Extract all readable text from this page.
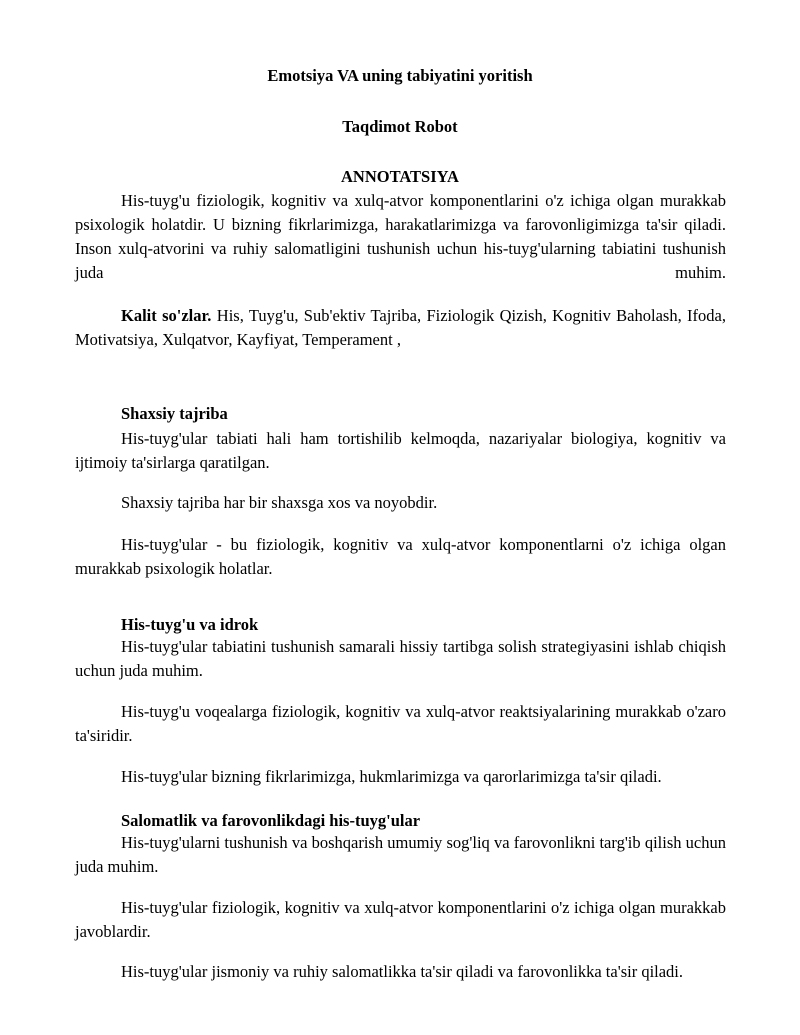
Emotsiya VA uning tabiyatini yoritish
Taqdimot Robot
ANNOTATSIYA
His-tuyg'u fiziologik, kognitiv va xulq-atvor komponentlarini o'z ichiga olgan murakkab psixologik holatdir. U bizning fikrlarimizga, harakatlarimizga va farovonligimizga ta'sir qiladi. Inson xulq-atvorini va ruhiy salomatligini tushunish uchun his-tuyg'ularning tabiatini tushunish juda muhim.
Kalit so'zlar. His, Tuyg'u, Sub'ektiv Tajriba, Fiziologik Qizish, Kognitiv Baholash, Ifoda, Motivatsiya, Xulqatvor, Kayfiyat, Temperament ,
Shaxsiy tajriba
His-tuyg'ular tabiati hali ham tortishilib kelmoqda, nazariyalar biologiya, kognitiv va ijtimoiy ta'sirlarga qaratilgan.
Shaxsiy tajriba har bir shaxsga xos va noyobdir.
His-tuyg'ular - bu fiziologik, kognitiv va xulq-atvor komponentlarni o'z ichiga olgan murakkab psixologik holatlar.
His-tuyg'u va idrok
His-tuyg'ular tabiatini tushunish samarali hissiy tartibga solish strategiyasini ishlab chiqish uchun juda muhim.
His-tuyg'u voqealarga fiziologik, kognitiv va xulq-atvor reaktsiyalarining murakkab o'zaro ta'siridir.
His-tuyg'ular bizning fikrlarimizga, hukmlarimizga va qarorlarimizga ta'sir qiladi.
Salomatlik va farovonlikdagi his-tuyg'ular
His-tuyg'ularni tushunish va boshqarish umumiy sog'liq va farovonlikni targ'ib qilish uchun juda muhim.
His-tuyg'ular fiziologik, kognitiv va xulq-atvor komponentlarini o'z ichiga olgan murakkab javoblardir.
His-tuyg'ular jismoniy va ruhiy salomatlikka ta'sir qiladi va farovonlikka ta'sir qiladi.
